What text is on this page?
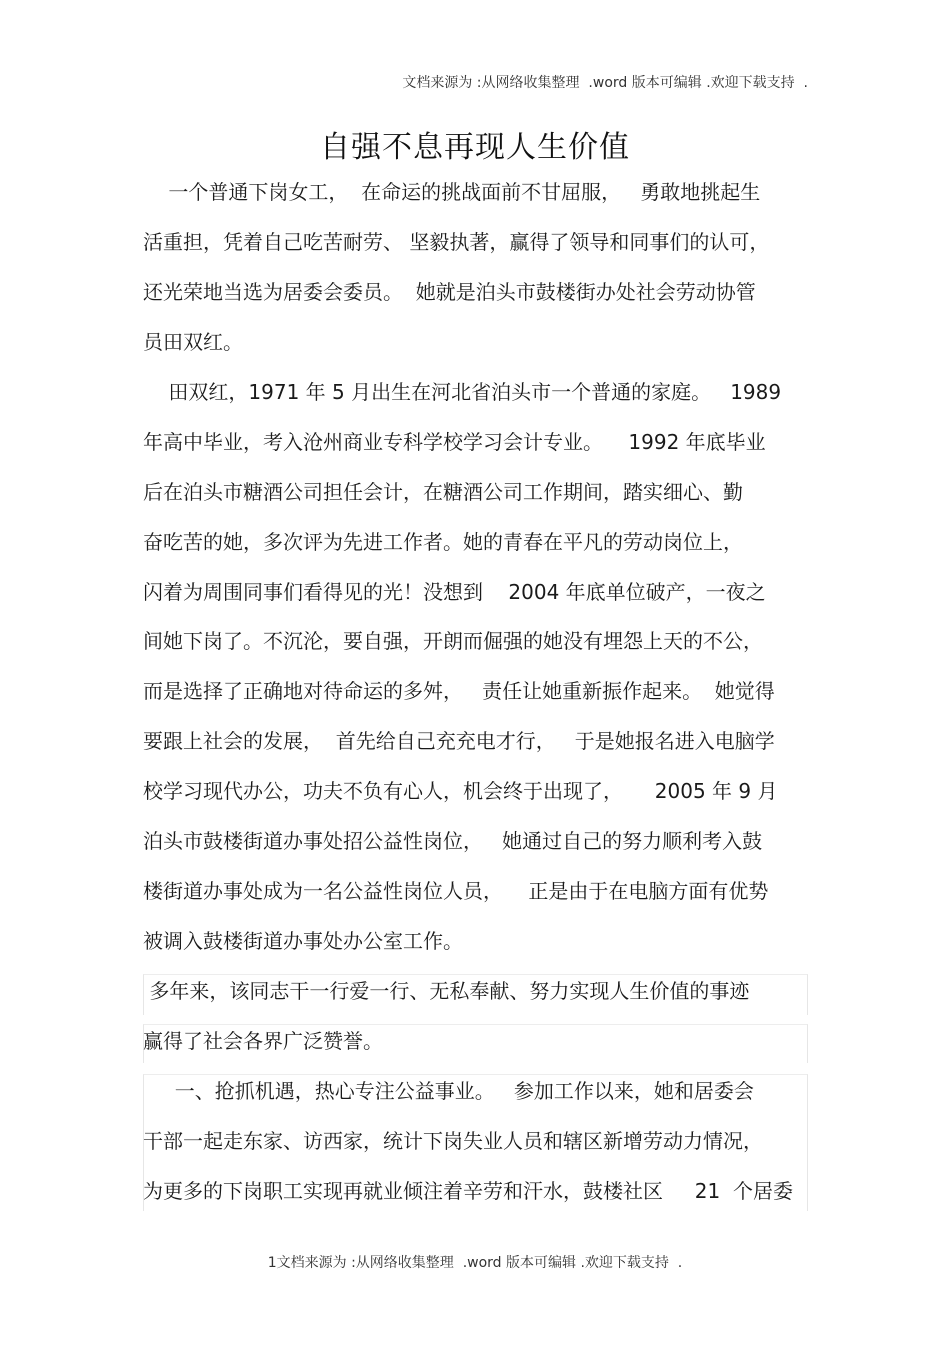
文档来源为 :从网络收集整理  .word 版本可编辑 .欢迎下载支持  .
自强不息再现人生价值
一个普通下岗女工，  在命运的挑战面前不甘屈服，   勇敢地挑起生
活重担，凭着自己吃苦耐劳、 坚毅执著，赢得了领导和同事们的认可，
还光荣地当选为居委会委员。  她就是泊头市鼓楼街办处社会劳动协管
员田双红。
田双红，1971 年 5 月出生在河北省泊头市一个普通的家庭。   1989
年高中毕业，考入沧州商业专科学校学习会计专业。    1992 年底毕业
后在泊头市糖酒公司担任会计，在糖酒公司工作期间，踏实细心、勤
奋吃苦的她，多次评为先进工作者。她的青春在平凡的劳动岗位上，
闪着为周围同事们看得见的光！没想到    2004 年底单位破产，一夜之
间她下岗了。不沉沦，要自强，开朗而倔强的她没有埋怨上天的不公，
而是选择了正确地对待命运的多舛，   责任让她重新振作起来。  她觉得
要跟上社会的发展，  首先给自己充充电才行，   于是她报名进入电脑学
校学习现代办公，功夫不负有心人，机会终于出现了，     2005 年 9 月
泊头市鼓楼街道办事处招公益性岗位，   她通过自己的努力顺利考入鼓
楼街道办事处成为一名公益性岗位人员，    正是由于在电脑方面有优势
被调入鼓楼街道办事处办公室工作。
多年来，该同志干一行爱一行、无私奉献、努力实现人生价值的事迹
赢得了社会各界广泛赞誉。
一、抢抓机遇，热心专注公益事业。   参加工作以来，她和居委会
干部一起走东家、访西家，统计下岗失业人员和辖区新增劳动力情况，
为更多的下岗职工实现再就业倾注着辛劳和汗水，鼓楼社区     21  个居委
1文档来源为 :从网络收集整理  .word 版本可编辑 .欢迎下载支持  .
